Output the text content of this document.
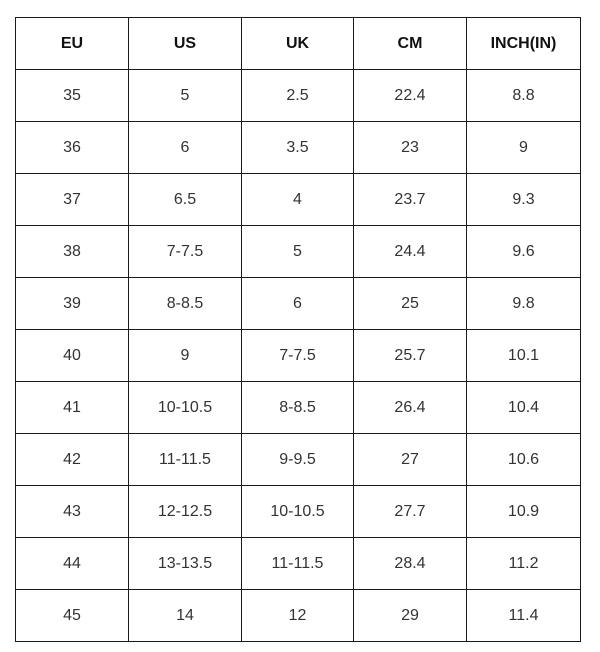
EU	US	UK	CM	INCH(IN)
35	5	2.5	22.4	8.8
36	6	3.5	23	9
37	6.5	4	23.7	9.3
38	7-7.5	5	24.4	9.6
39	8-8.5	6	25	9.8
40	9	7-7.5	25.7	10.1
41	10-10.5	8-8.5	26.4	10.4
42	11-11.5	9-9.5	27	10.6
43	12-12.5	10-10.5	27.7	10.9
44	13-13.5	11-11.5	28.4	11.2
45	14	12	29	11.4
